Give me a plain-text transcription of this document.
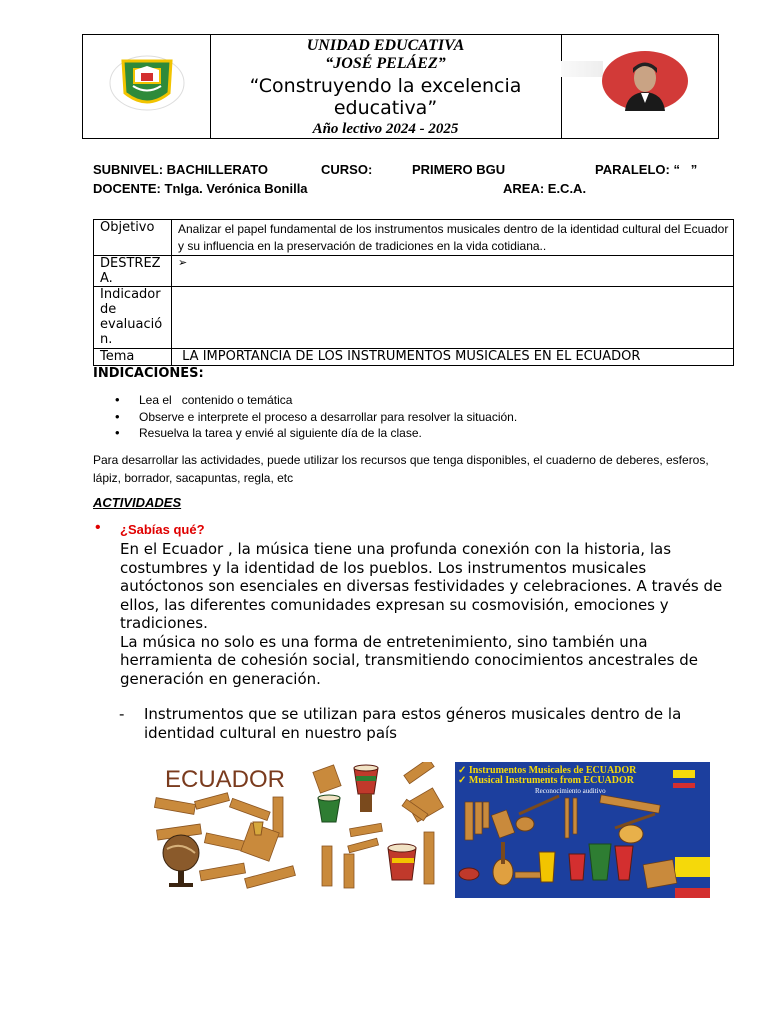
UNIDAD EDUCATIVA
“JOSÉ PELÁEZ”
“Construyendo la excelencia educativa”
Año lectivo 2024 - 2025
SUBNIVEL: BACHILLERATO	CURSO:	PRIMERO BGU	PARALELO: “   ”
DOCENTE: Tnlga. Verónica Bonilla	AREA: E.C.A.
Objetivo	Analizar el papel fundamental de los instrumentos musicales dentro de la identidad cultural del Ecuador y su influencia en la preservación de tradiciones en la vida cotidiana..
DESTREZ A.	➢
Indicador de evaluació n.	
Tema	LA IMPORTANCIA DE LOS INSTRUMENTOS MUSICALES EN EL ECUADOR
INDICACIONES:
• Lea el   contenido o temática
• Observe e interprete el proceso a desarrollar para resolver la situación.
• Resuelva la tarea y envié al siguiente día de la clase.
Para desarrollar las actividades, puede utilizar los recursos que tenga disponibles, el cuaderno de deberes, esferos, lápiz, borrador, sacapuntas, regla, etc
ACTIVIDADES
• ¿Sabías qué?
En el Ecuador , la música tiene una profunda conexión con la historia, las costumbres y la identidad de los pueblos. Los instrumentos musicales autóctonos son esenciales en diversas festividades y celebraciones. A través de ellos, las diferentes comunidades expresan su cosmovisión, emociones y tradiciones.
La música no solo es una forma de entretenimiento, sino también una herramienta de cohesión social, transmitiendo conocimientos ancestrales de generación en generación.
- Instrumentos que se utilizan para estos géneros musicales dentro de la identidad cultural en nuestro país
ECUADOR	✓ Instrumentos Musicales de ECUADOR
✓ Musical Instruments from ECUADOR
Reconocimiento auditivo
